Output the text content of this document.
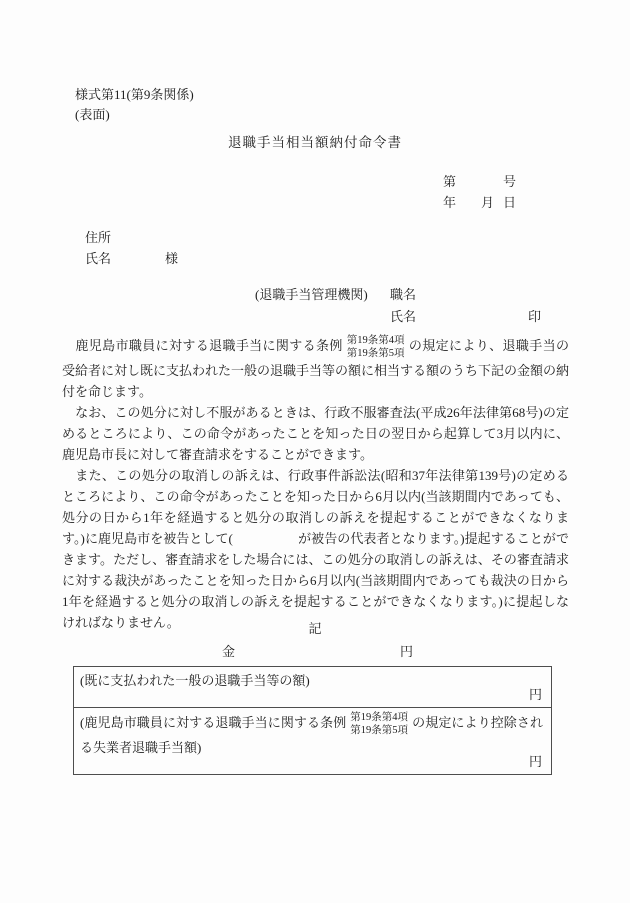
様式第11(第9条関係)
(表面)
退職手当相当額納付命令書
第	号
年 月 日
住所
氏名	様
(退職手当管理機関) 職名
氏名	印

　鹿児島市職員に対する退職手当に関する条例 第19条第4項
第19条第5項
の規定により、退職手当の受給者に対し既に支払われた一般の退職手当等の額に相当する額のうち下記の金額の納付を命じます。

　なお、この処分に対し不服があるときは、行政不服審査法(平成26年法律第68号)の定めるところにより、この命令があったことを知った日の翌日から起算して3月以内に、鹿児島市長に対して審査請求をすることができます。

　また、この処分の取消しの訴えは、行政事件訴訟法(昭和37年法律第139号)の定めるところにより、この命令があったことを知った日から6月以内(当該期間内であっても、処分の日から1年を経過すると処分の取消しの訴えを提起することができなくなります。)に鹿児島市を被告として(　　　　　が被告の代表者となります。)提起することができます。ただし、審査請求をした場合には、この処分の取消しの訴えは、その審査請求に対する裁決があったことを知った日から6月以内(当該期間内であっても裁決の日から1年を経過すると処分の取消しの訴えを提起することができなくなります。)に提起しなければなりません。	記
金	円
(既に支払われた一般の退職手当等の額)
円
(鹿児島市職員に対する退職手当に関する条例 第19条第4項
第19条第5項
の規定により控除される失業者退職手当額)
円
